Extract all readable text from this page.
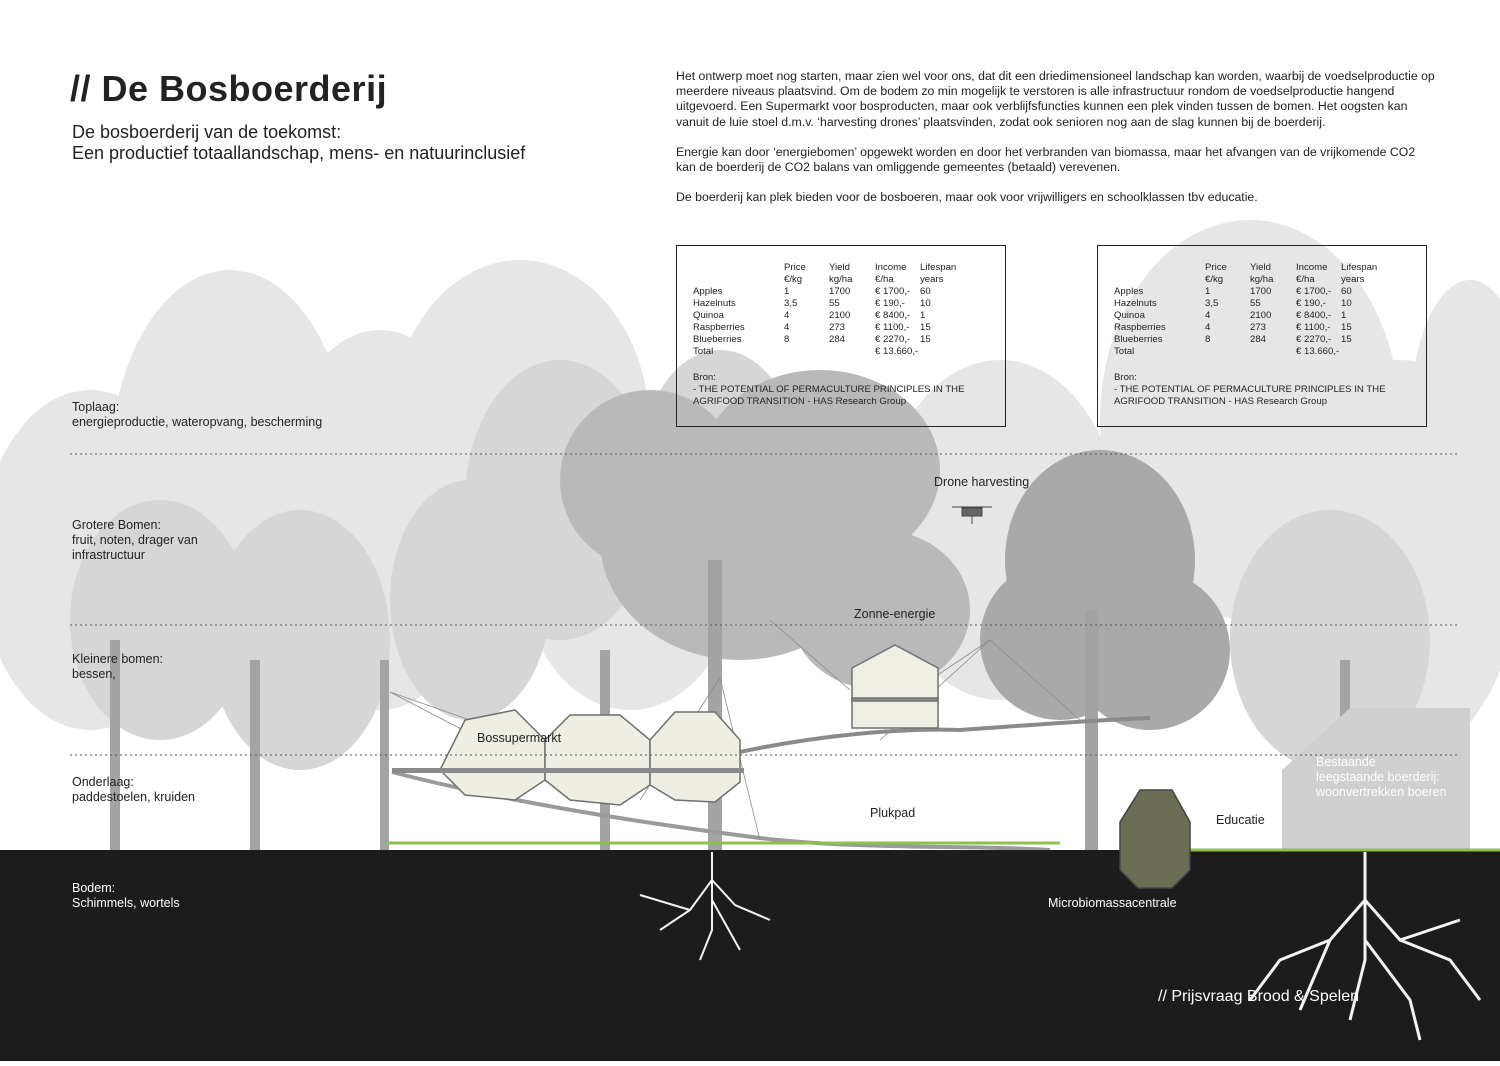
// De Bosboerderij
De bosboerderij van de toekomst:
Een productief totaallandschap, mens- en natuurinclusief

Het ontwerp moet nog starten, maar zien wel voor ons, dat dit een driedimensioneel landschap kan worden, waarbij de voedselproductie op meerdere niveaus plaatsvind. Om de bodem zo min mogelijk te verstoren is alle infrastructuur rondom de voedselproductie hangend uitgevoerd. Een Supermarkt voor bosproducten, maar ook verblijfsfuncties kunnen een plek vinden tussen de bomen. Het oogsten kan vanuit de luie stoel d.m.v. ‘harvesting drones’ plaatsvinden, zodat ook senioren nog aan de slag kunnen bij de boerderij.

Energie kan door ‘energiebomen’ opgewekt worden en door het verbranden van biomassa, maar het afvangen van de vrijkomende CO2 kan de boerderij de CO2 balans van omliggende gemeentes (betaald) verevenen.

De boerderij kan plek bieden voor de bosboeren, maar ook voor vrijwilligers en schoolklassen tbv educatie.

	Price	Yield	Income	Lifespan
	€/kg	kg/ha	€/ha	years
Apples	1	1700	€ 1700,-	60
Hazelnuts	3,5	55	€ 190,-	10
Quinoa	4	2100	€ 8400,-	1
Raspberries	4	273	€ 1100,-	15
Blueberries	8	284	€ 2270,-	15
Total			€ 13.660,-	
Bron:
- THE POTENTIAL OF PERMACULTURE PRINCIPLES IN THE
AGRIFOOD TRANSITION - HAS Research Group
	Price	Yield	Income	Lifespan
	€/kg	kg/ha	€/ha	years
Apples	1	1700	€ 1700,-	60
Hazelnuts	3,5	55	€ 190,-	10
Quinoa	4	2100	€ 8400,-	1
Raspberries	4	273	€ 1100,-	15
Blueberries	8	284	€ 2270,-	15
Total			€ 13.660,-	
Bron:
- THE POTENTIAL OF PERMACULTURE PRINCIPLES IN THE
AGRIFOOD TRANSITION - HAS Research Group
Toplaag:
energieproductie, wateropvang, bescherming
Grotere Bomen:
fruit, noten, drager van
infrastructuur
Kleinere bomen:
bessen,
Onderlaag:
paddestoelen, kruiden
Bodem:
Schimmels, wortels
Drone harvesting
Zonne-energie
Bossupermarkt
Plukpad	Educatie
Bestaande
leegstaande boerderij:
woonvertrekken boeren
Microbiomassacentrale
// Prijsvraag Brood & Spelen
